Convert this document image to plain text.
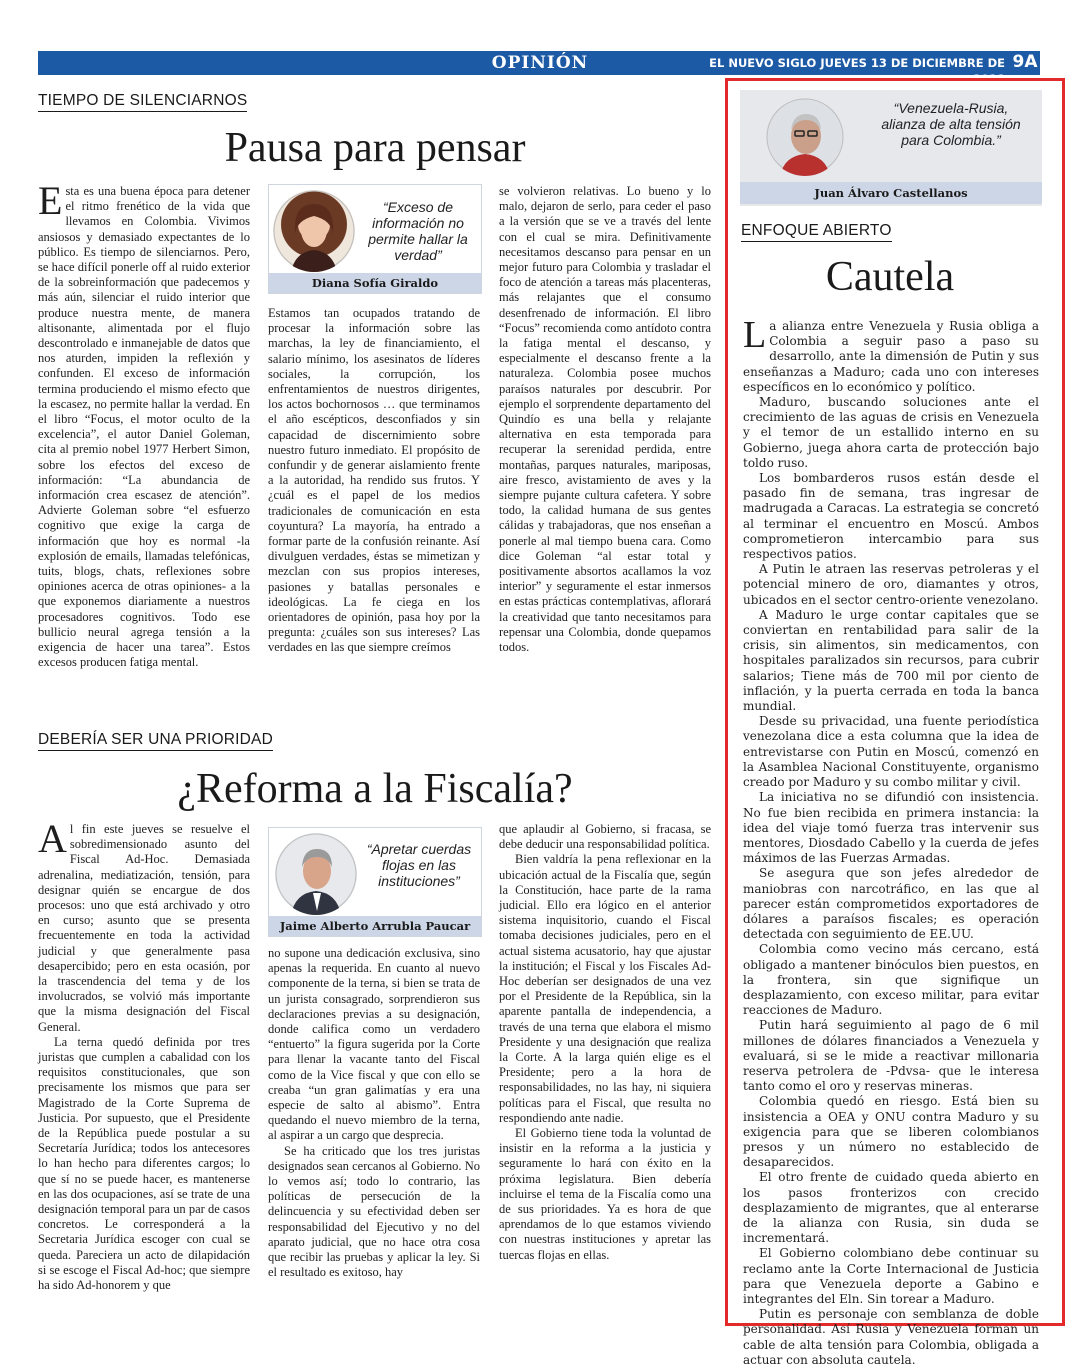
OPINIÓN	EL NUEVO SIGLO JUEVES 13 DE DICIEMBRE DE 2018
9A
TIEMPO DE SILENCIARNOS
Pausa para pensar

Esta es una buena época para detener el ritmo frenético de la vida que llevamos en Colombia. Vivimos ansiosos y demasiado expectantes de lo público. Es tiempo de silenciarnos. Pero, se hace difícil ponerle off al ruido exterior de la sobreinformación que padecemos y más aún, silenciar el ruido interior que produce nuestra mente, de manera altisonante, alimentada por el flujo descontrolado e inmanejable de datos que nos aturden, impiden la reflexión y confunden. El exceso de información termina produciendo el mismo efecto que la escasez, no permite hallar la verdad. En el libro “Focus, el motor oculto de la excelencia”, el autor Daniel Goleman, cita al premio nobel 1977 Herbert Simon, sobre los efectos del exceso de información: “La abundancia de información crea escasez de atención”. Advierte Goleman sobre “el esfuerzo cognitivo que exige la carga de información que hoy es normal -la explosión de emails, llamadas telefónicas, tuits, blogs, chats, reflexiones sobre opiniones acerca de otras opiniones- a la que exponemos diariamente a nuestros procesadores cognitivos. Todo ese bullicio neural agrega tensión a la exigencia de hacer una tarea”. Estos excesos producen fatiga mental.

“Exceso de información no permite hallar la verdad”
Diana Sofía Giraldo

Estamos tan ocupados tratando de procesar la información sobre las marchas, la ley de financiamiento, el salario mínimo, los asesinatos de líderes sociales, la corrupción, los enfrentamientos de nuestros dirigentes, los actos bochornosos … que terminamos el año escépticos, desconfiados y sin capacidad de discernimiento sobre nuestro futuro inmediato. El propósito de confundir y de generar aislamiento frente a la autoridad, ha rendido sus frutos. Y ¿cuál es el papel de los medios tradicionales de comunicación en esta coyuntura? La mayoría, ha entrado a formar parte de la confusión reinante. Así divulguen verdades, éstas se mimetizan y mezclan con sus propios intereses, pasiones y batallas personales e ideológicas. La fe ciega en los orientadores de opinión, pasa hoy por la pregunta: ¿cuáles son sus intereses? Las verdades en las que siempre creímos

se volvieron relativas. Lo bueno y lo malo, dejaron de serlo, para ceder el paso a la versión que se ve a través del lente con el cual se mira. Definitivamente necesitamos descanso para pensar en un mejor futuro para Colombia y trasladar el foco de atención a tareas más placenteras, más relajantes que el consumo desenfrenado de información. El libro “Focus” recomienda como antídoto contra la fatiga mental el descanso, y especialmente el descanso frente a la naturaleza. Colombia posee muchos paraísos naturales por descubrir. Por ejemplo el sorprendente departamento del Quindío es una bella y relajante alternativa en esta temporada para recuperar la serenidad perdida, entre montañas, parques naturales, mariposas, aire fresco, avistamiento de aves y la siempre pujante cultura cafetera. Y sobre todo, la calidad humana de sus gentes cálidas y trabajadoras, que nos enseñan a ponerle al mal tiempo buena cara. Como dice Goleman “al estar total y positivamente absortos acallamos la voz interior” y seguramente el estar inmersos en estas prácticas contemplativas, aflorará la creatividad que tanto necesitamos para repensar una Colombia, donde quepamos todos.

DEBERÍA SER UNA PRIORIDAD
¿Reforma a la Fiscalía?

Al fin este jueves se resuelve el sobredimensionado asunto del Fiscal Ad-Hoc. Demasiada adrenalina, mediatización, tensión, para designar quién se encargue de dos procesos: uno que está archivado y otro en curso; asunto que se presenta frecuentemente en toda la actividad judicial y que generalmente pasa desapercibido; pero en esta ocasión, por la trascendencia del tema y de los involucrados, se volvió más importante que la misma designación del Fiscal General.

La terna quedó definida por tres juristas que cumplen a cabalidad con los requisitos constitucionales, que son precisamente los mismos que para ser Magistrado de la Corte Suprema de Justicia. Por supuesto, que el Presidente de la República puede postular a su Secretaría Jurídica; todos los antecesores lo han hecho para diferentes cargos; lo que sí no se puede hacer, es mantenerse en las dos ocupaciones, así se trate de una designación temporal para un par de casos concretos. Le corresponderá a la Secretaria Jurídica escoger con cual se queda. Pareciera un acto de dilapidación si se escoge el Fiscal Ad-hoc; que siempre ha sido Ad-honorem y que

“Apretar cuerdas flojas en las instituciones”
Jaime Alberto Arrubla Paucar

no supone una dedicación exclusiva, sino apenas la requerida. En cuanto al nuevo componente de la terna, si bien se trata de un jurista consagrado, sorprendieron sus declaraciones previas a su designación, donde califica como un verdadero “entuerto” la figura sugerida por la Corte para llenar la vacante tanto del Fiscal como de la Vice fiscal y que con ello se creaba “un gran galimatías y era una especie de salto al abismo”. Entra quedando el nuevo miembro de la terna, al aspirar a un cargo que desprecia.

Se ha criticado que los tres juristas designados sean cercanos al Gobierno. No lo vemos así; todo lo contrario, las políticas de persecución de la delincuencia y su efectividad deben ser responsabilidad del Ejecutivo y no del aparato judicial, que no hace otra cosa que recibir las pruebas y aplicar la ley. Si el resultado es exitoso, hay

que aplaudir al Gobierno, si fracasa, se debe deducir una responsabilidad política.

Bien valdría la pena reflexionar en la ubicación actual de la Fiscalía que, según la Constitución, hace parte de la rama judicial. Ello era lógico en el anterior sistema inquisitorio, cuando el Fiscal tomaba decisiones judiciales, pero en el actual sistema acusatorio, hay que ajustar la institución; el Fiscal y los Fiscales Ad-Hoc deberían ser designados de una vez por el Presidente de la República, sin la aparente pantalla de independencia, a través de una terna que elabora el mismo Presidente y una designación que realiza la Corte. A la larga quién elige es el Presidente; pero a la hora de responsabilidades, no las hay, ni siquiera políticas para el Fiscal, que resulta no respondiendo ante nadie.

El Gobierno tiene toda la voluntad de insistir en la reforma a la justicia y seguramente lo hará con éxito en la próxima legislatura. Bien debería incluirse el tema de la Fiscalía como una de sus prioridades. Ya es hora de que aprendamos de lo que estamos viviendo con nuestras instituciones y apretar las tuercas flojas en ellas.

“Venezuela-Rusia, alianza de alta tensión para Colombia.”
Juan Álvaro Castellanos
ENFOQUE ABIERTO
Cautela

La alianza entre Venezuela y Rusia obliga a Colombia a seguir paso a paso su desarrollo, ante la dimensión de Putin y sus enseñanzas a Maduro; cada uno con intereses específicos en lo económico y político.

Maduro, buscando soluciones ante el crecimiento de las aguas de crisis en Venezuela y el temor de un estallido interno en su Gobierno, juega ahora carta de protección bajo toldo ruso.

Los bombarderos rusos están desde el pasado fin de semana, tras ingresar de madrugada a Caracas. La estrategia se concretó al terminar el encuentro en Moscú. Ambos comprometieron intercambio para sus respectivos patios.

A Putin le atraen las reservas petroleras y el potencial minero de oro, diamantes y otros, ubicados en el sector centro-oriente venezolano.

A Maduro le urge contar capitales que se conviertan en rentabilidad para salir de la crisis, sin alimentos, sin medicamentos, con hospitales paralizados sin recursos, para cubrir salarios; Tiene más de 700 mil por ciento de inflación, y la puerta cerrada en toda la banca mundial.

Desde su privacidad, una fuente periodística venezolana dice a esta columna que la idea de entrevistarse con Putin en Moscú, comenzó en la Asamblea Nacional Constituyente, organismo creado por Maduro y su combo militar y civil.

La iniciativa no se difundió con insistencia. No fue bien recibida en primera instancia: la idea del viaje tomó fuerza tras intervenir sus mentores, Diosdado Cabello y la cuerda de jefes máximos de las Fuerzas Armadas.

Se asegura que son jefes alrededor de maniobras con narcotráfico, en las que al parecer están comprometidos exportadores de dólares a paraísos fiscales; es operación detectada con seguimiento de EE.UU.

Colombia como vecino más cercano, está obligado a mantener binóculos bien puestos, en la frontera, sin que signifique un desplazamiento, con exceso militar, para evitar reacciones de Maduro.

Putin hará seguimiento al pago de 6 mil millones de dólares financiados a Venezuela y evaluará, si se le mide a reactivar millonaria reserva petrolera de -Pdvsa- que le interesa tanto como el oro y reservas mineras.

Colombia quedó en riesgo. Está bien su insistencia a OEA y ONU contra Maduro y su exigencia para que se liberen colombianos presos y un número no establecido de desaparecidos.

El otro frente de cuidado queda abierto en los pasos fronterizos con crecido desplazamiento de migrantes, que al enterarse de la alianza con Rusia, sin duda se incrementará.

El Gobierno colombiano debe continuar su reclamo ante la Corte Internacional de Justicia para que Venezuela deporte a Gabino e integrantes del Eln. Sin torear a Maduro.

Putin es personaje con semblanza de doble personalidad. Así Rusia y Venezuela forman un cable de alta tensión para Colombia, obligada a actuar con absoluta cautela.
